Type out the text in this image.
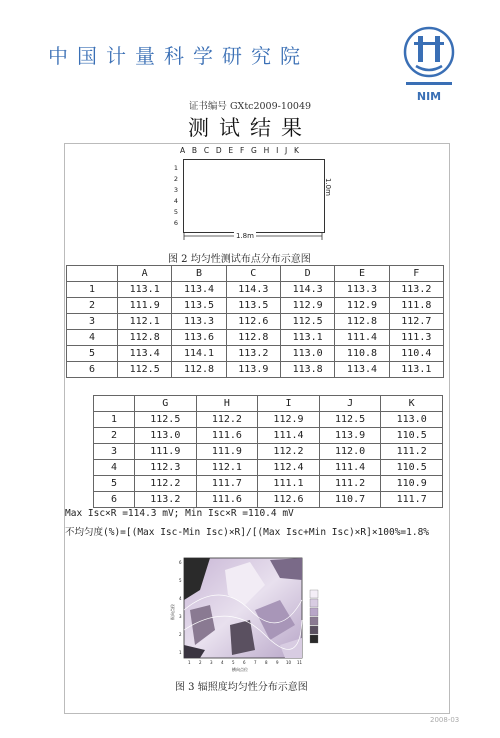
中国计量科学研究院
NIM
证书编号 GXtc2009-10049
测试结果
A B C D E F G H I J K
1
2
3
4
5
6
1.0m
1.8m
图 2 均匀性测试布点分布示意图
	A	B	C	D	E	F
1	113.1	113.4	114.3	114.3	113.3	113.2
2	111.9	113.5	113.5	112.9	112.9	111.8
3	112.1	113.3	112.6	112.5	112.8	112.7
4	112.8	113.6	112.8	113.1	111.4	111.3
5	113.4	114.1	113.2	113.0	110.8	110.4
6	112.5	112.8	113.9	113.8	113.4	113.1
	G	H	I	J	K
1	112.5	112.2	112.9	112.5	113.0
2	113.0	111.6	111.4	113.9	110.5
3	111.9	111.9	112.2	112.0	111.2
4	112.3	112.1	112.4	111.4	110.5
5	112.2	111.7	111.1	111.2	110.9
6	113.2	111.6	112.6	110.7	111.7
Max Isc×R =114.3 mV; Min Isc×R =110.4 mV
不均匀度(%)=[(Max Isc-Min Isc)×R]/[(Max Isc+Min Isc)×R]×100%=1.8%
1 2 3 4 5 6 7 8 9 10 11
1
2
3
4
5
6
横向点位
纵向点位
图 3 辐照度均匀性分布示意图
2008-03
